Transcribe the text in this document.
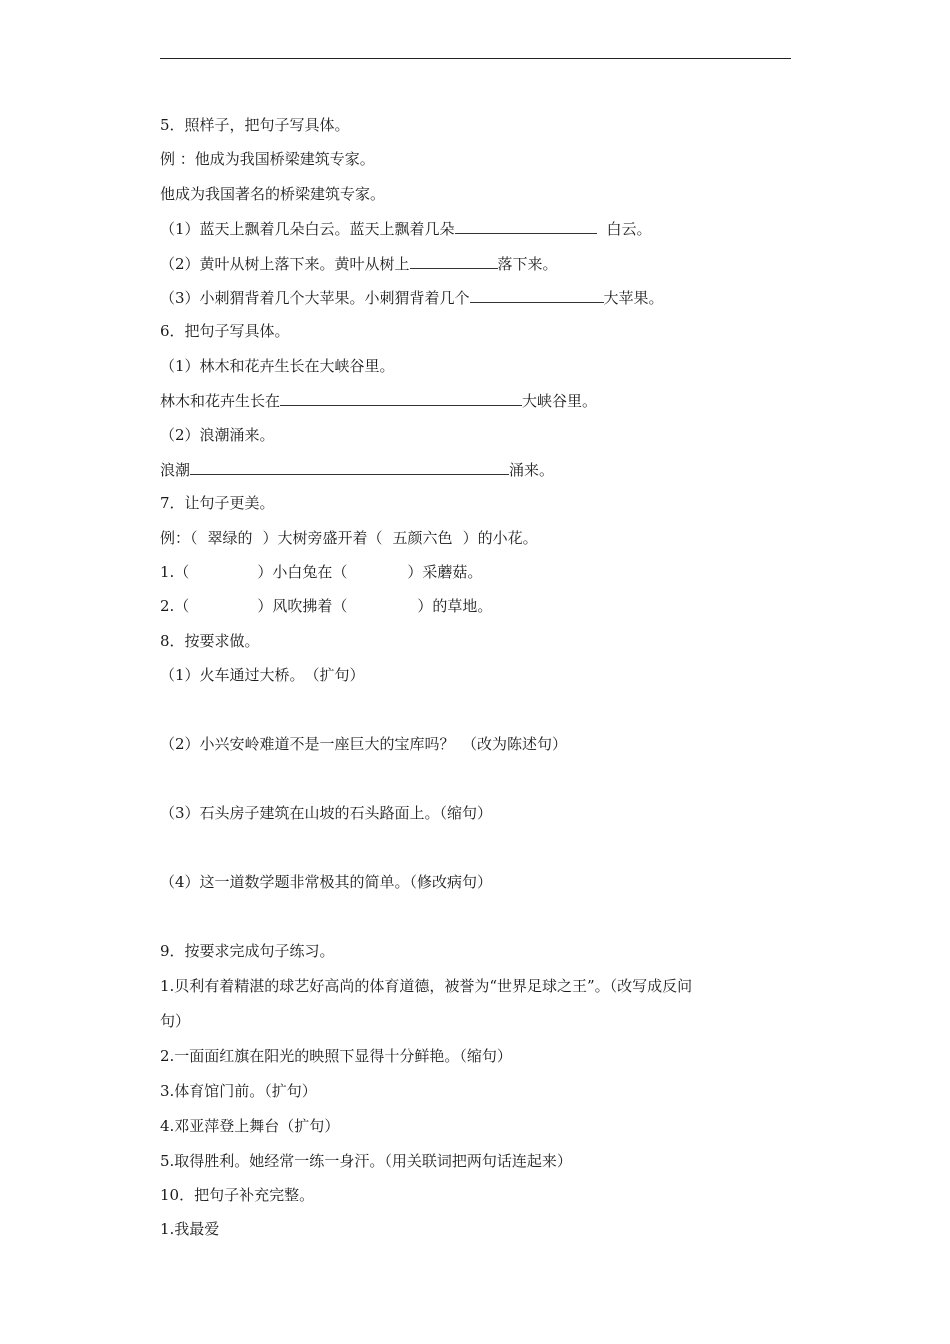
5．照样子，把句子写具体。
例 ：他成为我国桥梁建筑专家。
他成为我国著名的桥梁建筑专家。
（1）蓝天上飘着几朵白云。蓝天上飘着几朵	白云。
（2）黄叶从树上落下来。黄叶从树上	落下来。
（3）小刺猬背着几个大苹果。小刺猬背着几个	大苹果。
6．把句子写具体。
（1）林木和花卉生长在大峡谷里。
林木和花卉生长在	大峡谷里。
（2）浪潮涌来。
浪潮	涌来。
7．让句子更美。
例：（ 翠绿的 ）大树旁盛开着（ 五颜六色 ）的小花。
1.（	）小白兔在（	）采蘑菇。
2.（	）风吹拂着（	）的草地。
8．按要求做。
（1）火车通过大桥。　（扩句）
（2）小兴安岭难道不是一座巨大的宝库吗？　（改为陈述句）
（3）石头房子建筑在山坡的石头路面上。（缩句）
（4）这一道数学题非常极其的简单。（修改病句）
9．按要求完成句子练习。
1.贝利有着精湛的球艺好高尚的体育道德，被誉为“世界足球之王”。（改写成反问
句）
2.一面面红旗在阳光的映照下显得十分鲜艳。（缩句）
3.体育馆门前。（扩句）
4.邓亚萍登上舞台（扩句）
5.取得胜利。她经常一练一身汗。（用关联词把两句话连起来）
10．把句子补充完整。
1.我最爱
